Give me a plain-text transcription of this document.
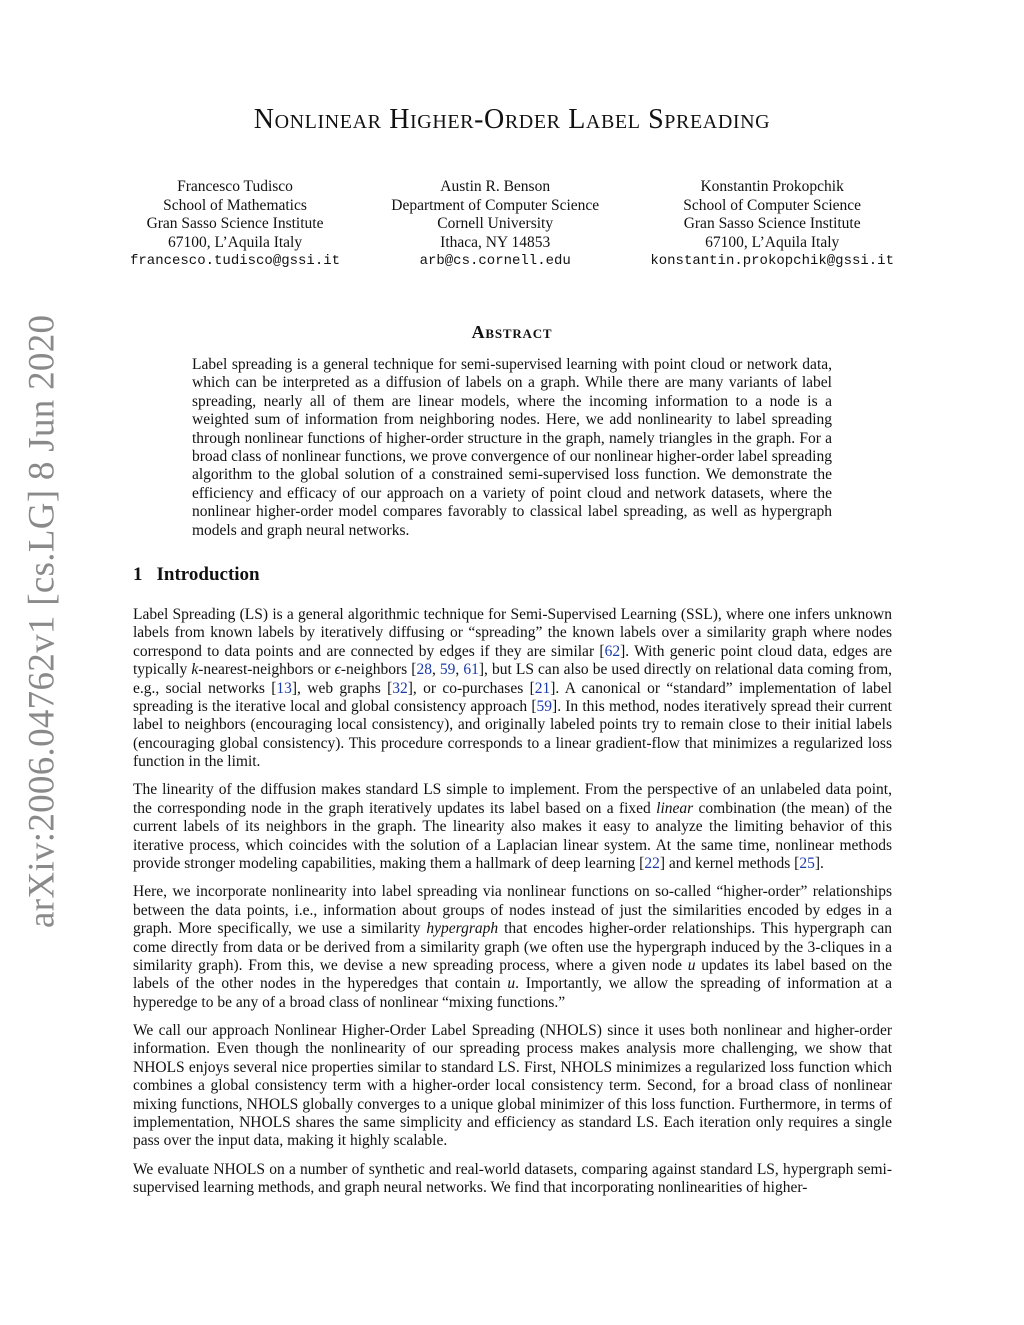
arXiv:2006.04762v1 [cs.LG] 8 Jun 2020
Nonlinear Higher-Order Label Spreading
Francesco Tudisco
School of Mathematics
Gran Sasso Science Institute
67100, L’Aquila Italy
francesco.tudisco@gssi.it
Austin R. Benson
Department of Computer Science
Cornell University
Ithaca, NY 14853
arb@cs.cornell.edu
Konstantin Prokopchik
School of Computer Science
Gran Sasso Science Institute
67100, L’Aquila Italy
konstantin.prokopchik@gssi.it
Abstract

Label spreading is a general technique for semi-supervised learning with point cloud or network data, which can be interpreted as a diffusion of labels on a graph. While there are many variants of label spreading, nearly all of them are linear models, where the incoming information to a node is a weighted sum of information from neighboring nodes. Here, we add nonlinearity to label spreading through nonlinear functions of higher-order structure in the graph, namely triangles in the graph. For a broad class of nonlinear functions, we prove convergence of our nonlinear higher-order label spreading algorithm to the global solution of a constrained semi-supervised loss function. We demonstrate the efficiency and efficacy of our approach on a variety of point cloud and network datasets, where the nonlinear higher-order model compares favorably to classical label spreading, as well as hypergraph models and graph neural networks.

1 Introduction

Label Spreading (LS) is a general algorithmic technique for Semi-Supervised Learning (SSL), where one infers unknown labels from known labels by iteratively diffusing or “spreading” the known labels over a similarity graph where nodes correspond to data points and are connected by edges if they are similar [62]. With generic point cloud data, edges are typically k-nearest-neighbors or ϵ-neighbors [28, 59, 61], but LS can also be used directly on relational data coming from, e.g., social networks [13], web graphs [32], or co-purchases [21]. A canonical or “standard” implementation of label spreading is the iterative local and global consistency approach [59]. In this method, nodes iteratively spread their current label to neighbors (encouraging local consistency), and originally labeled points try to remain close to their initial labels (encouraging global consistency). This procedure corresponds to a linear gradient-flow that minimizes a regularized loss function in the limit.

The linearity of the diffusion makes standard LS simple to implement. From the perspective of an unlabeled data point, the corresponding node in the graph iteratively updates its label based on a fixed linear combination (the mean) of the current labels of its neighbors in the graph. The linearity also makes it easy to analyze the limiting behavior of this iterative process, which coincides with the solution of a Laplacian linear system. At the same time, nonlinear methods provide stronger modeling capabilities, making them a hallmark of deep learning [22] and kernel methods [25].

Here, we incorporate nonlinearity into label spreading via nonlinear functions on so-called “higher-order” relationships between the data points, i.e., information about groups of nodes instead of just the similarities encoded by edges in a graph. More specifically, we use a similarity hypergraph that encodes higher-order relationships. This hypergraph can come directly from data or be derived from a similarity graph (we often use the hypergraph induced by the 3-cliques in a similarity graph). From this, we devise a new spreading process, where a given node u updates its label based on the labels of the other nodes in the hyperedges that contain u. Importantly, we allow the spreading of information at a hyperedge to be any of a broad class of nonlinear “mixing functions.”

We call our approach Nonlinear Higher-Order Label Spreading (NHOLS) since it uses both nonlinear and higher-order information. Even though the nonlinearity of our spreading process makes analysis more challenging, we show that NHOLS enjoys several nice properties similar to standard LS. First, NHOLS minimizes a regularized loss function which combines a global consistency term with a higher-order local consistency term. Second, for a broad class of nonlinear mixing functions, NHOLS globally converges to a unique global minimizer of this loss function. Furthermore, in terms of implementation, NHOLS shares the same simplicity and efficiency as standard LS. Each iteration only requires a single pass over the input data, making it highly scalable.

We evaluate NHOLS on a number of synthetic and real-world datasets, comparing against standard LS, hypergraph semi-supervised learning methods, and graph neural networks. We find that incorporating nonlinearities of higher-
